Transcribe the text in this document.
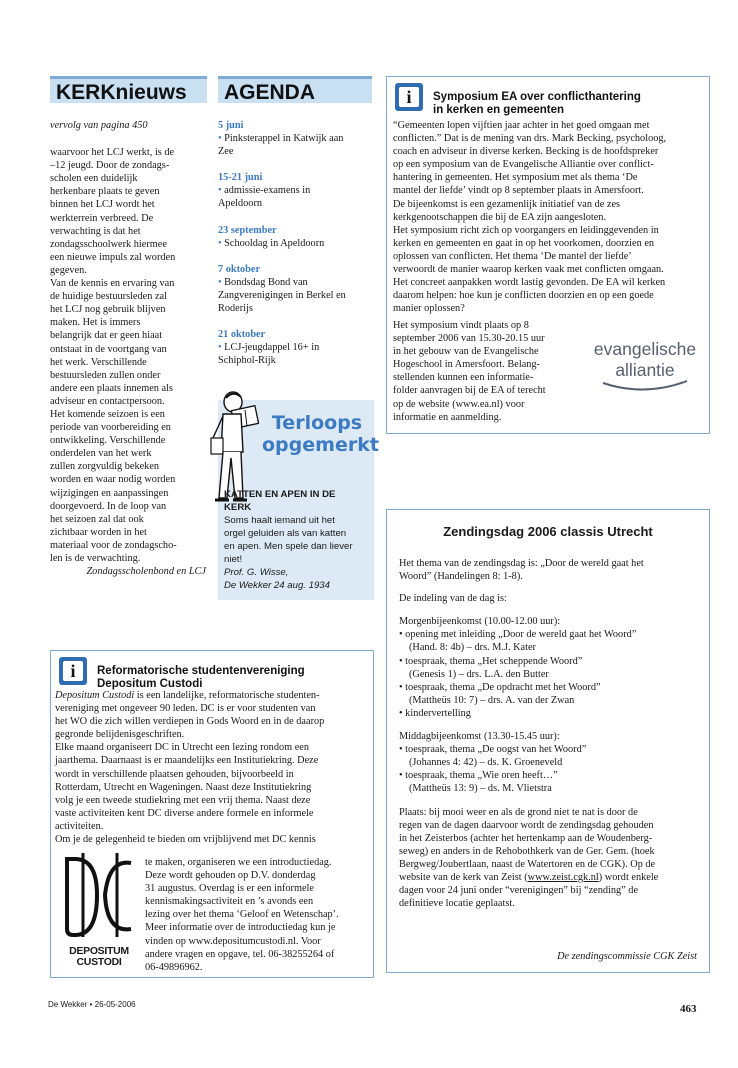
KERKnieuws

vervolg van pagina 450

waarvoor het LCJ werkt, is de
–12 jeugd. Door de zondags-
scholen een duidelijk
herkenbare plaats te geven
binnen het LCJ wordt het
werkterrein verbreed. De
verwachting is dat het
zondagsschoolwerk hiermee
een nieuwe impuls zal worden
gegeven.
Van de kennis en ervaring van
de huidige bestuursleden zal
het LCJ nog gebruik blijven
maken. Het is immers
belangrijk dat er geen hiaat
ontstaat in de voortgang van
het werk. Verschillende
bestuursleden zullen onder
andere een plaats innemen als
adviseur en contactpersoon.
Het komende seizoen is een
periode van voorbereiding en
ontwikkeling. Verschillende
onderdelen van het werk
zullen zorgvuldig bekeken
worden en waar nodig worden
wijzigingen en aanpassingen
doorgevoerd. In de loop van
het seizoen zal dat ook
zichtbaar worden in het
materiaal voor de zondagscho-
len is de verwachting.

Zondagsscholenbond en LCJ

AGENDA
5 juni
• Pinksterappel in Katwijk aan
Zee
15-21 juni
• admissie-examens in
Apeldoorn
23 september
• Schooldag in Apeldoorn
7 oktober
• Bondsdag Bond van
Zangverenigingen in Berkel en
Roderijs
21 oktober
• LCJ-jeugdappel 16+ in
Schiphol-Rijk
Terloops
opgemerkt
KATTEN EN APEN IN DE
KERK
Soms haalt iemand uit het
orgel geluiden als van katten
en apen. Men spele dan liever
niet!
Prof. G. Wisse,
De Wekker 24 aug. 1934
i	Symposium EA over conflicthantering
in kerken en gemeenten
“Gemeenten lopen vijftien jaar achter in het goed omgaan met
conflicten.” Dat is de mening van drs. Mark Becking, psycholoog,
coach en adviseur in diverse kerken. Becking is de hoofdspreker
op een symposium van de Evangelische Alliantie over conflict-
hantering in gemeenten. Het symposium met als thema ‘De
mantel der liefde’ vindt op 8 september plaats in Amersfoort.
De bijeenkomst is een gezamenlijk initiatief van de zes
kerkgenootschappen die bij de EA zijn aangesloten.
Het symposium richt zich op voorgangers en leidinggevenden in
kerken en gemeenten en gaat in op het voorkomen, doorzien en
oplossen van conflicten. Het thema ‘De mantel der liefde’
verwoordt de manier waarop kerken vaak met conflicten omgaan.
Het concreet aanpakken wordt lastig gevonden. De EA wil kerken
daarom helpen: hoe kun je conflicten doorzien en op een goede
manier oplossen?
Het symposium vindt plaats op 8
september 2006 van 15.30-20.15 uur
in het gebouw van de Evangelische
Hogeschool in Amersfoort. Belang-
stellenden kunnen een informatie-
folder aanvragen bij de EA of terecht
op de website (www.ea.nl) voor
informatie en aanmelding.
evangelische
alliantie
Zendingsdag 2006 classis Utrecht
Het thema van de zendingsdag is: „Door de wereld gaat het
Woord” (Handelingen 8: 1-8).
De indeling van de dag is:
Morgenbijeenkomst (10.00-12.00 uur):
• opening met inleiding „Door de wereld gaat het Woord”
(Hand. 8: 4b) – drs. M.J. Kater
• toespraak, thema „Het scheppende Woord”
(Genesis 1) – drs. L.A. den Butter
• toespraak, thema „De opdracht met het Woord”
(Mattheüs 10: 7) – drs. A. van der Zwan
• kindervertelling
Middagbijeenkomst (13.30-15.45 uur):
• toespraak, thema „De oogst van het Woord”
(Johannes 4: 42) – ds. K. Groeneveld
• toespraak, thema „Wie oren heeft…”
(Mattheüs 13: 9) – ds. M. Vlietstra
Plaats: bij mooi weer en als de grond niet te nat is door de
regen van de dagen daarvoor wordt de zendingsdag gehouden
in het Zeisterbos (achter het hertenkamp aan de Woudenberg-
seweg) en anders in de Rehobothkerk van de Ger. Gem. (hoek
Bergweg/Joubertlaan, naast de Watertoren en de CGK). Op de
website van de kerk van Zeist (www.zeist.cgk.nl) wordt enkele
dagen voor 24 juni onder “verenigingen” bij “zending” de
definitieve locatie geplaatst.
De zendingscommissie CGK Zeist
i	Reformatorische studentenvereniging
Depositum Custodi
Depositum Custodi is een landelijke, reformatorische studenten-
vereniging met ongeveer 90 leden. DC is er voor studenten van
het WO die zich willen verdiepen in Gods Woord en in de daarop
gegronde belijdenisgeschriften.
Elke maand organiseert DC in Utrecht een lezing rondom een
jaarthema. Daarnaast is er maandelijks een Institutiekring. Deze
wordt in verschillende plaatsen gehouden, bijvoorbeeld in
Rotterdam, Utrecht en Wageningen. Naast deze Institutiekring
volg je een tweede studiekring met een vrij thema. Naast deze
vaste activiteiten kent DC diverse andere formele en informele
activiteiten.
Om je de gelegenheid te bieden om vrijblijvend met DC kennis
DEPOSITUM
CUSTODI
te maken, organiseren we een introductiedag.
Deze wordt gehouden op D.V. donderdag
31 augustus. Overdag is er een informele
kennismakingsactiviteit en ’s avonds een
lezing over het thema ‘Geloof en Wetenschap’.
Meer informatie over de introductiedag kun je
vinden op www.depositumcustodi.nl. Voor
andere vragen en opgave, tel. 06-38255264 of
06-49896962.
De Wekker • 26-05-2006	463
